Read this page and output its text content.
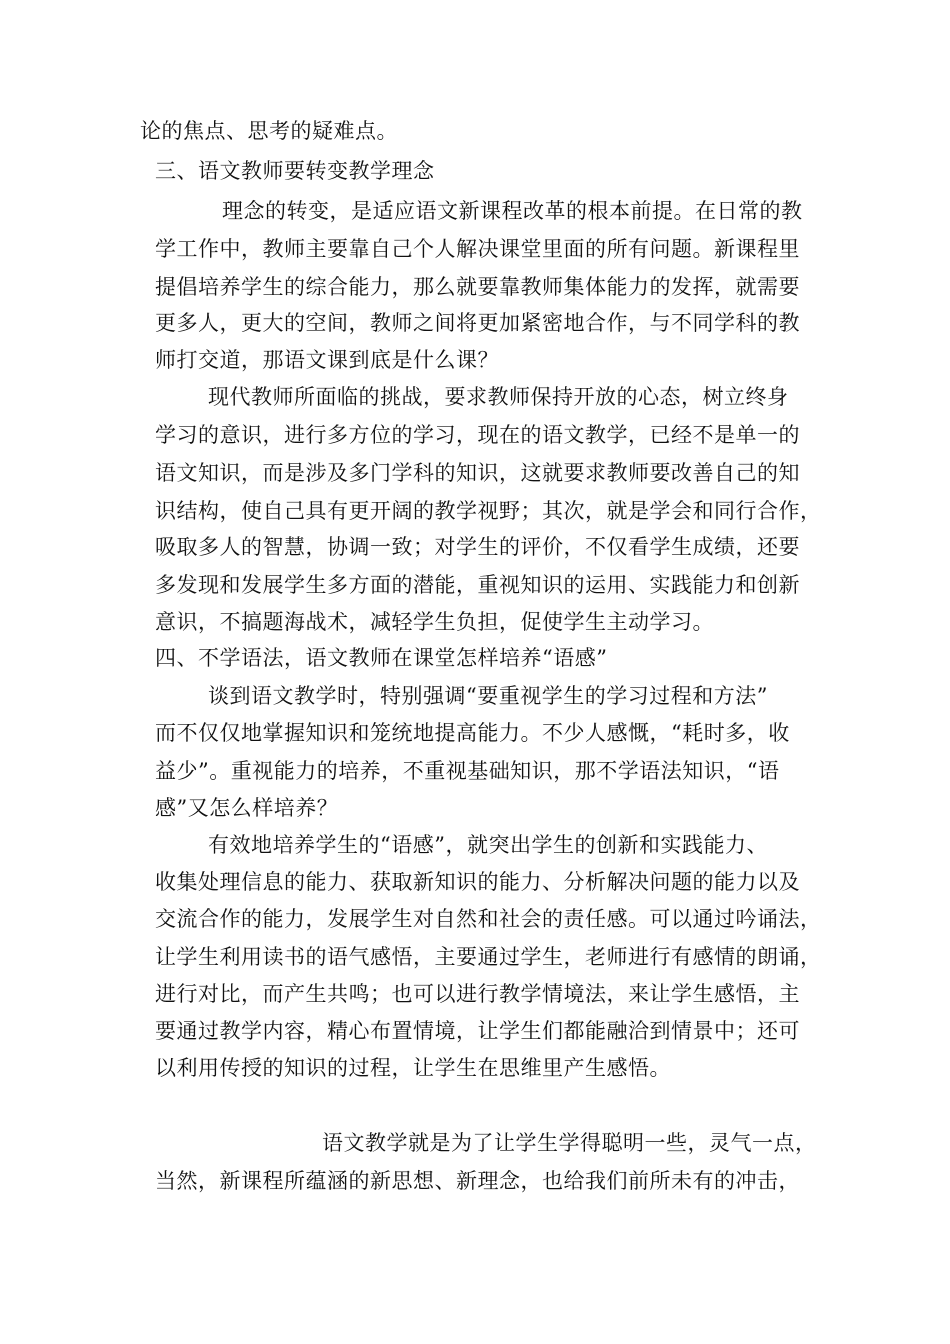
论的焦点、思考的疑难点。
三、语文教师要转变教学理念
理念的转变，是适应语文新课程改革的根本前提。在日常的教
学工作中，教师主要靠自己个人解决课堂里面的所有问题。新课程里
提倡培养学生的综合能力，那么就要靠教师集体能力的发挥，就需要
更多人，更大的空间，教师之间将更加紧密地合作，与不同学科的教
师打交道，那语文课到底是什么课？
现代教师所面临的挑战，要求教师保持开放的心态，树立终身
学习的意识，进行多方位的学习，现在的语文教学，已经不是单一的
语文知识，而是涉及多门学科的知识，这就要求教师要改善自己的知
识结构，使自己具有更开阔的教学视野；其次，就是学会和同行合作，
吸取多人的智慧，协调一致；对学生的评价，不仅看学生成绩，还要
多发现和发展学生多方面的潜能，重视知识的运用、实践能力和创新
意识，不搞题海战术，减轻学生负担，促使学生主动学习。
四、不学语法，语文教师在课堂怎样培养“语感”
谈到语文教学时，特别强调“要重视学生的学习过程和方法”
而不仅仅地掌握知识和笼统地提高能力。不少人感慨，“耗时多，收
益少”。重视能力的培养，不重视基础知识，那不学语法知识，“语
感”又怎么样培养？
有效地培养学生的“语感”，就突出学生的创新和实践能力、
收集处理信息的能力、获取新知识的能力、分析解决问题的能力以及
交流合作的能力，发展学生对自然和社会的责任感。可以通过吟诵法，
让学生利用读书的语气感悟，主要通过学生，老师进行有感情的朗诵，
进行对比，而产生共鸣；也可以进行教学情境法，来让学生感悟，主
要通过教学内容，精心布置情境，让学生们都能融洽到情景中；还可
以利用传授的知识的过程，让学生在思维里产生感悟。
语文教学就是为了让学生学得聪明一些，灵气一点，
当然，新课程所蕴涵的新思想、新理念，也给我们前所未有的冲击，
